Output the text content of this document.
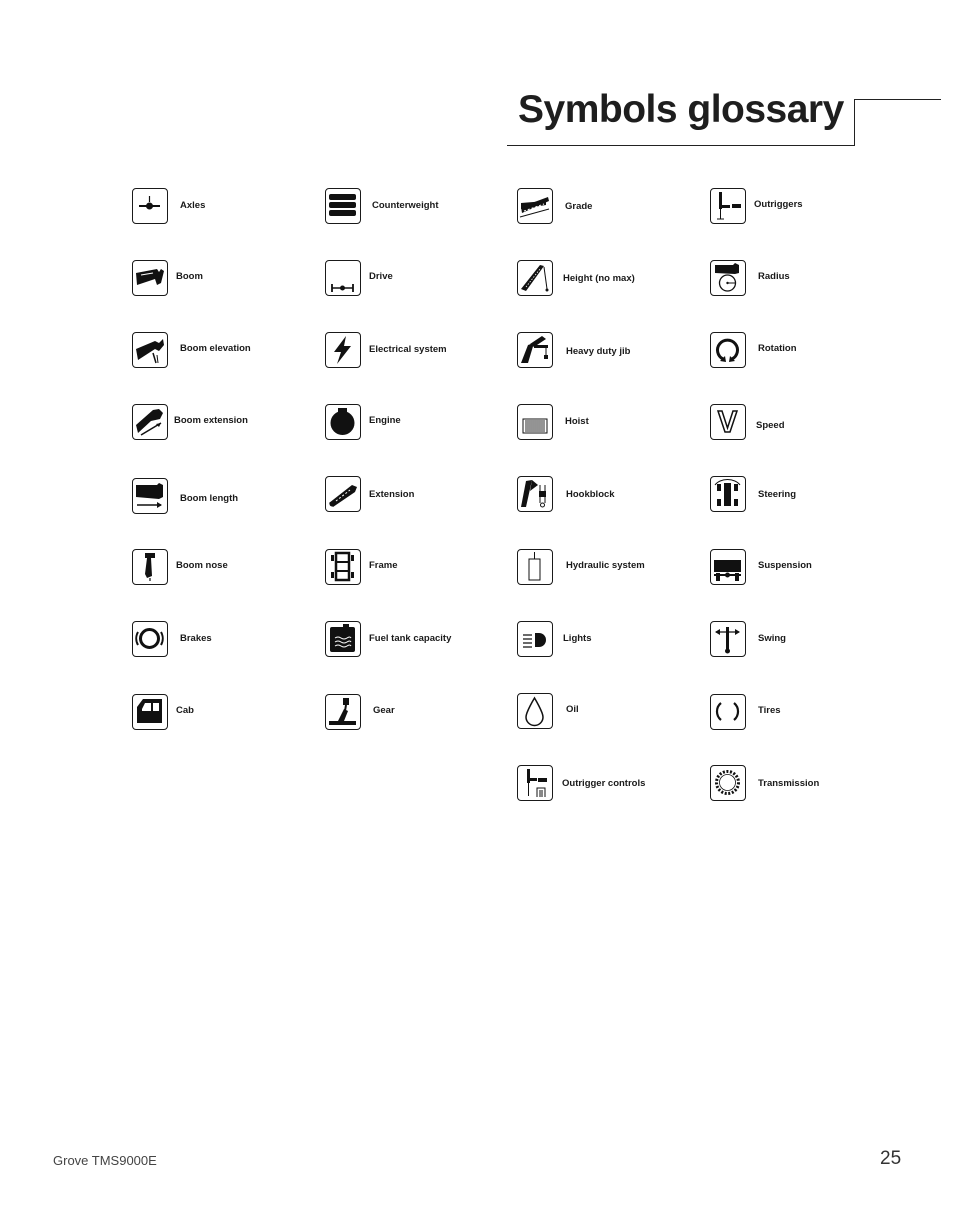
Symbols glossary
Axles
Boom
Boom elevation
Boom extension
Boom length
Boom nose
Brakes
Cab
Counterweight
Drive
Electrical system
Engine
Extension
Frame
Fuel tank capacity
Gear
Grade
Height (no max)
Heavy duty jib
Hoist
Hookblock
Hydraulic system
Lights
Oil
Outrigger controls
Outriggers
Radius
Rotation
Speed
Steering
Suspension
Swing
Tires
Transmission
Grove TMS9000E	25
